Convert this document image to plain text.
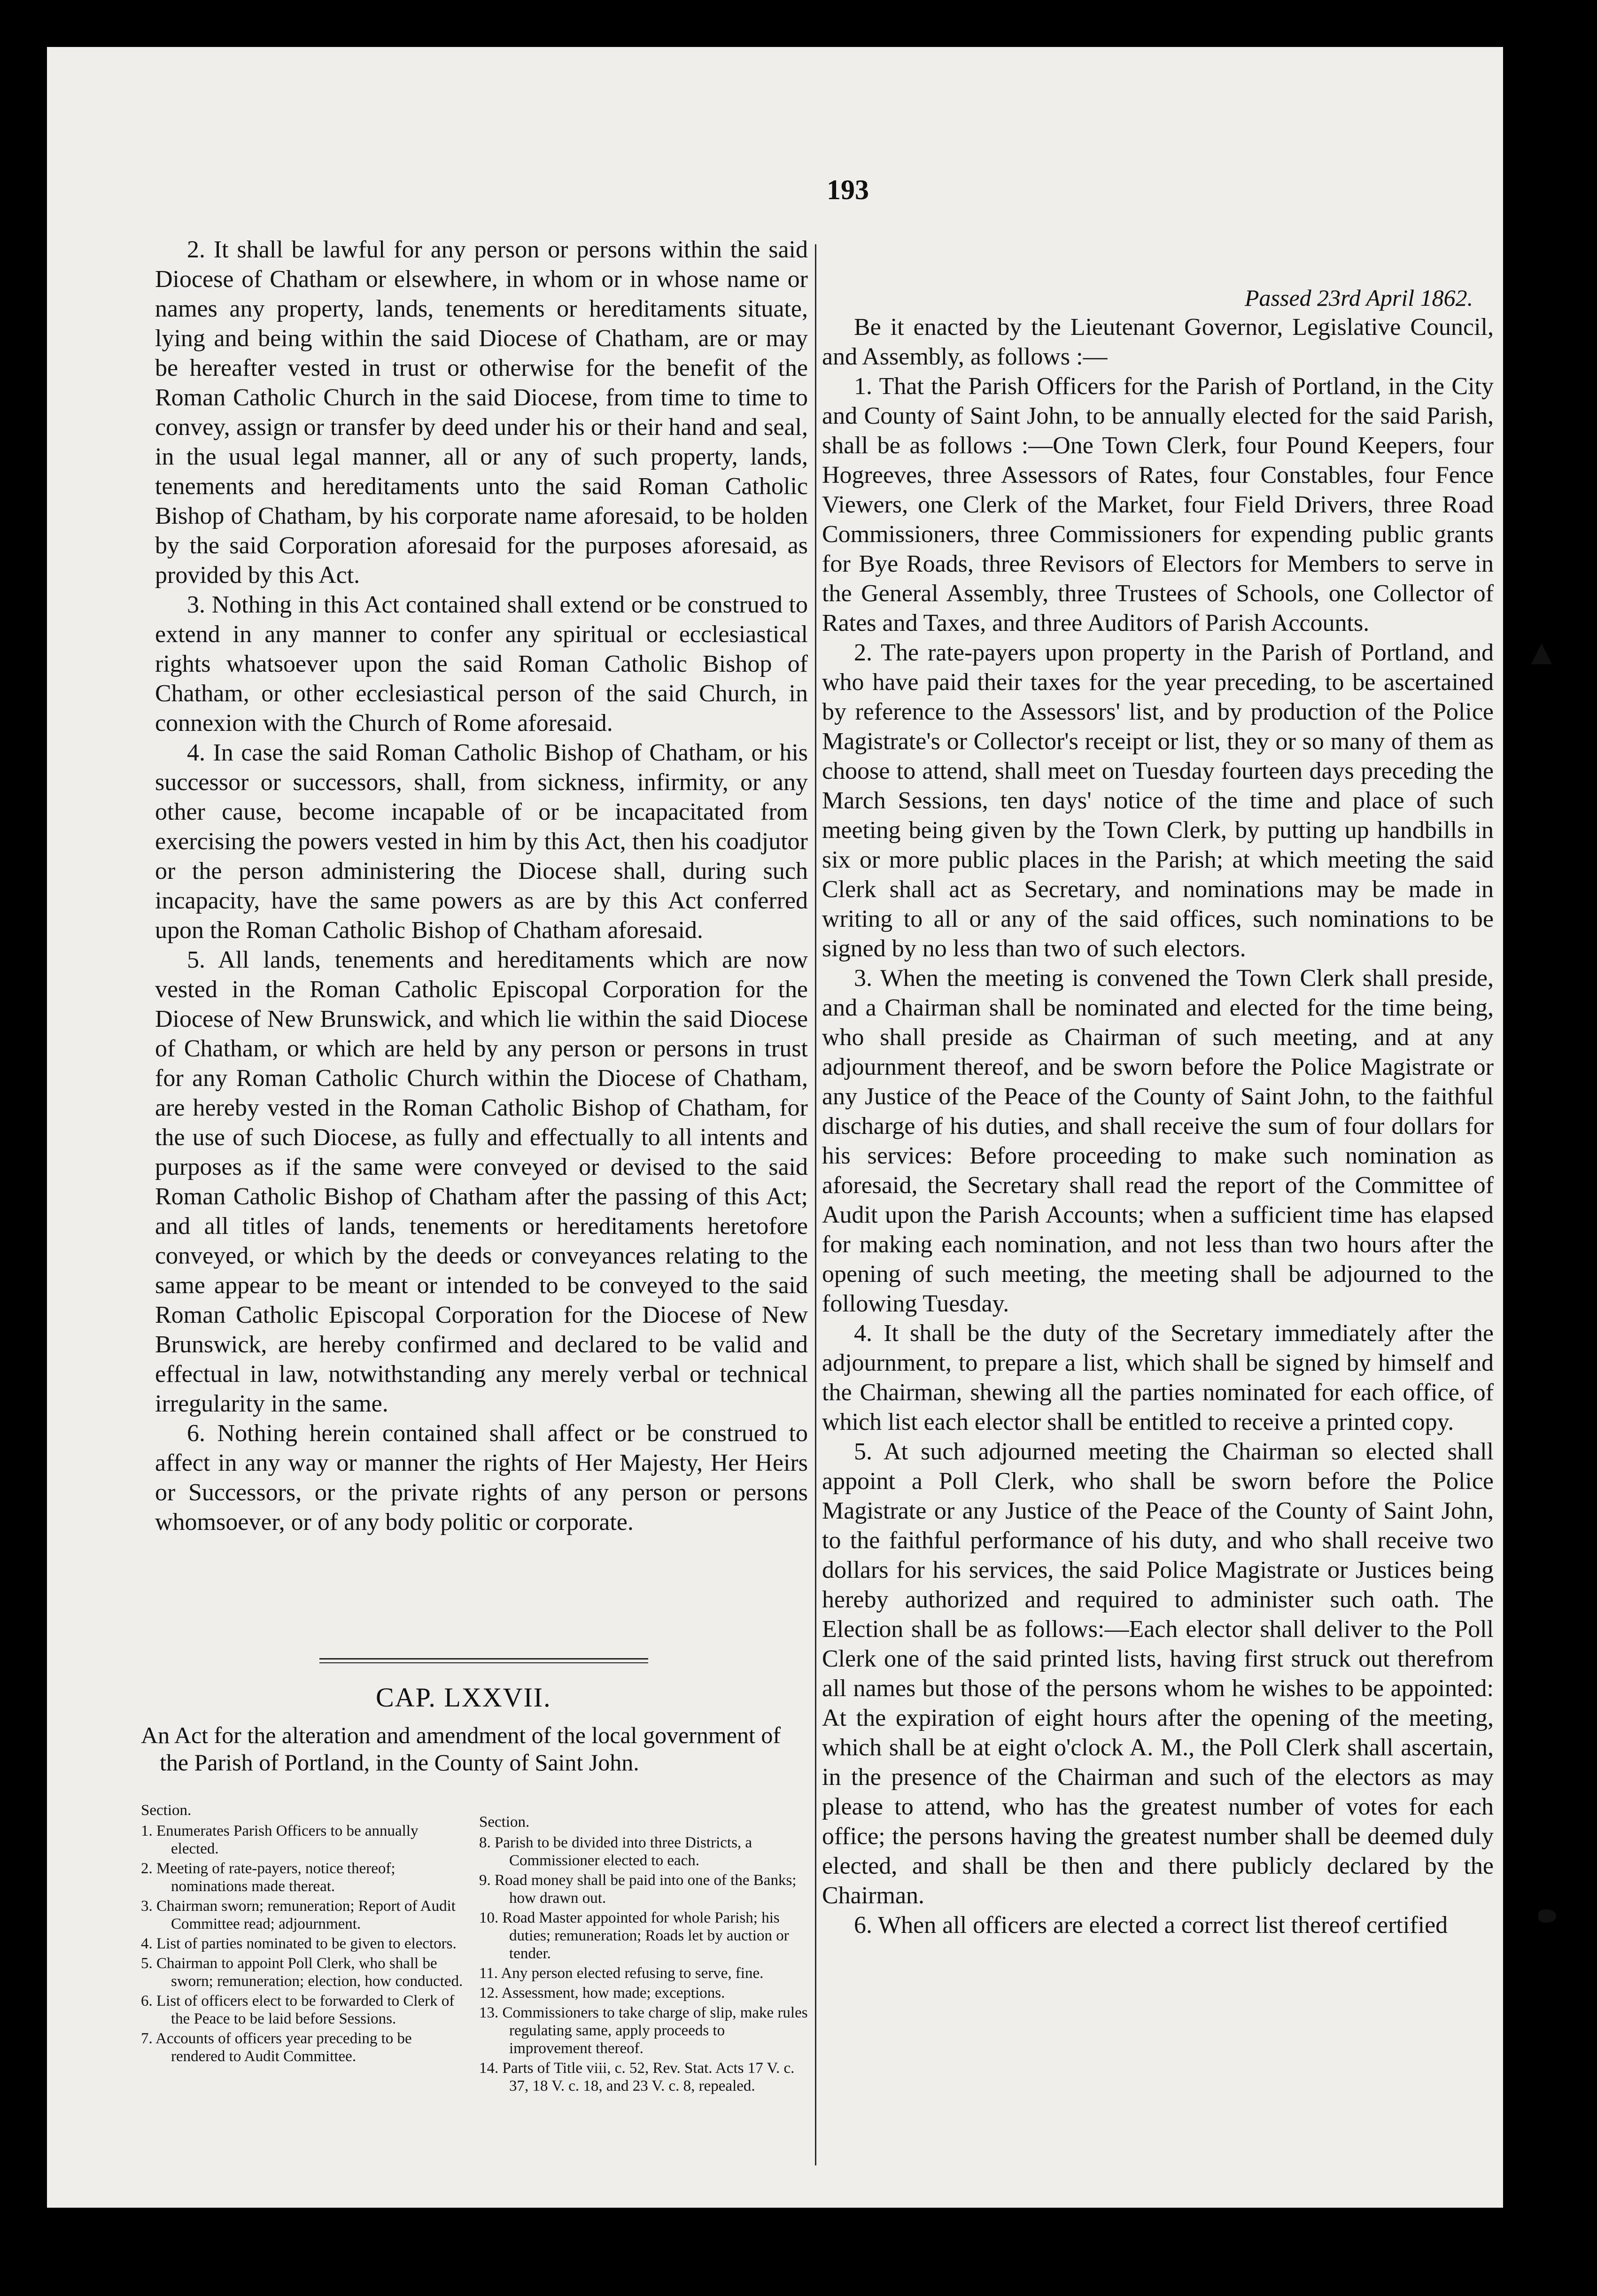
193

2. It shall be lawful for any person or persons within the said Diocese of Chatham or elsewhere, in whom or in whose name or names any property, lands, tenements or hereditaments situate, lying and being within the said Diocese of Chatham, are or may be hereafter vested in trust or otherwise for the benefit of the Roman Catholic Church in the said Diocese, from time to time to convey, assign or transfer by deed under his or their hand and seal, in the usual legal manner, all or any of such property, lands, tenements and hereditaments unto the said Roman Catholic Bishop of Chatham, by his corporate name aforesaid, to be holden by the said Corporation aforesaid for the purposes aforesaid, as provided by this Act.

3. Nothing in this Act contained shall extend or be construed to extend in any manner to confer any spiritual or ecclesiastical rights whatsoever upon the said Roman Catholic Bishop of Chatham, or other ecclesiastical person of the said Church, in connexion with the Church of Rome aforesaid.

4. In case the said Roman Catholic Bishop of Chatham, or his successor or successors, shall, from sickness, infirmity, or any other cause, become incapable of or be incapacitated from exercising the powers vested in him by this Act, then his coadjutor or the person administering the Diocese shall, during such incapacity, have the same powers as are by this Act conferred upon the Roman Catholic Bishop of Chatham aforesaid.

5. All lands, tenements and hereditaments which are now vested in the Roman Catholic Episcopal Corporation for the Diocese of New Brunswick, and which lie within the said Diocese of Chatham, or which are held by any person or persons in trust for any Roman Catholic Church within the Diocese of Chatham, are hereby vested in the Roman Catholic Bishop of Chatham, for the use of such Diocese, as fully and effectually to all intents and purposes as if the same were conveyed or devised to the said Roman Catholic Bishop of Chatham after the passing of this Act; and all titles of lands, tenements or hereditaments heretofore conveyed, or which by the deeds or conveyances relating to the same appear to be meant or intended to be conveyed to the said Roman Catholic Episcopal Corporation for the Diocese of New Brunswick, are hereby confirmed and declared to be valid and effectual in law, notwithstanding any merely verbal or technical irregularity in the same.

6. Nothing herein contained shall affect or be construed to affect in any way or manner the rights of Her Majesty, Her Heirs or Successors, or the private rights of any person or persons whomsoever, or of any body politic or corporate.

CAP. LXXVII.
An Act for the alteration and amendment of the local government of the Parish of Portland, in the County of Saint John.
Section.
1. Enumerates Parish Officers to be annually elected.
2. Meeting of rate-payers, notice thereof; nominations made thereat.
3. Chairman sworn; remuneration; Report of Audit Committee read; adjournment.
4. List of parties nominated to be given to electors.
5. Chairman to appoint Poll Clerk, who shall be sworn; remuneration; election, how conducted.
6. List of officers elect to be forwarded to Clerk of the Peace to be laid before Sessions.
7. Accounts of officers year preceding to be rendered to Audit Committee.
Section.
8. Parish to be divided into three Districts, a Commissioner elected to each.
9. Road money shall be paid into one of the Banks; how drawn out.
10. Road Master appointed for whole Parish; his duties; remuneration; Roads let by auction or tender.
11. Any person elected refusing to serve, fine.
12. Assessment, how made; exceptions.
13. Commissioners to take charge of slip, make rules regulating same, apply proceeds to improvement thereof.
14. Parts of Title viii, c. 52, Rev. Stat. Acts 17 V. c. 37, 18 V. c. 18, and 23 V. c. 8, repealed.
Passed 23rd April 1862.

Be it enacted by the Lieutenant Governor, Legislative Council, and Assembly, as follows :—

1. That the Parish Officers for the Parish of Portland, in the City and County of Saint John, to be annually elected for the said Parish, shall be as follows :—One Town Clerk, four Pound Keepers, four Hogreeves, three Assessors of Rates, four Constables, four Fence Viewers, one Clerk of the Market, four Field Drivers, three Road Commissioners, three Commissioners for expending public grants for Bye Roads, three Revisors of Electors for Members to serve in the General Assembly, three Trustees of Schools, one Collector of Rates and Taxes, and three Auditors of Parish Accounts.

2. The rate-payers upon property in the Parish of Portland, and who have paid their taxes for the year preceding, to be ascertained by reference to the Assessors' list, and by production of the Police Magistrate's or Collector's receipt or list, they or so many of them as choose to attend, shall meet on Tuesday fourteen days preceding the March Sessions, ten days' notice of the time and place of such meeting being given by the Town Clerk, by putting up handbills in six or more public places in the Parish; at which meeting the said Clerk shall act as Secretary, and nominations may be made in writing to all or any of the said offices, such nominations to be signed by no less than two of such electors.

3. When the meeting is convened the Town Clerk shall preside, and a Chairman shall be nominated and elected for the time being, who shall preside as Chairman of such meeting, and at any adjournment thereof, and be sworn before the Police Magistrate or any Justice of the Peace of the County of Saint John, to the faithful discharge of his duties, and shall receive the sum of four dollars for his services: Before proceeding to make such nomination as aforesaid, the Secretary shall read the report of the Committee of Audit upon the Parish Accounts; when a sufficient time has elapsed for making each nomination, and not less than two hours after the opening of such meeting, the meeting shall be adjourned to the following Tuesday.

4. It shall be the duty of the Secretary immediately after the adjournment, to prepare a list, which shall be signed by himself and the Chairman, shewing all the parties nominated for each office, of which list each elector shall be entitled to receive a printed copy.

5. At such adjourned meeting the Chairman so elected shall appoint a Poll Clerk, who shall be sworn before the Police Magistrate or any Justice of the Peace of the County of Saint John, to the faithful performance of his duty, and who shall receive two dollars for his services, the said Police Magistrate or Justices being hereby authorized and required to administer such oath. The Election shall be as follows:—Each elector shall deliver to the Poll Clerk one of the said printed lists, having first struck out therefrom all names but those of the persons whom he wishes to be appointed: At the expiration of eight hours after the opening of the meeting, which shall be at eight o'clock A. M., the Poll Clerk shall ascertain, in the presence of the Chairman and such of the electors as may please to attend, who has the greatest number of votes for each office; the persons having the greatest number shall be deemed duly elected, and shall be then and there publicly declared by the Chairman.

6. When all officers are elected a correct list thereof certified
